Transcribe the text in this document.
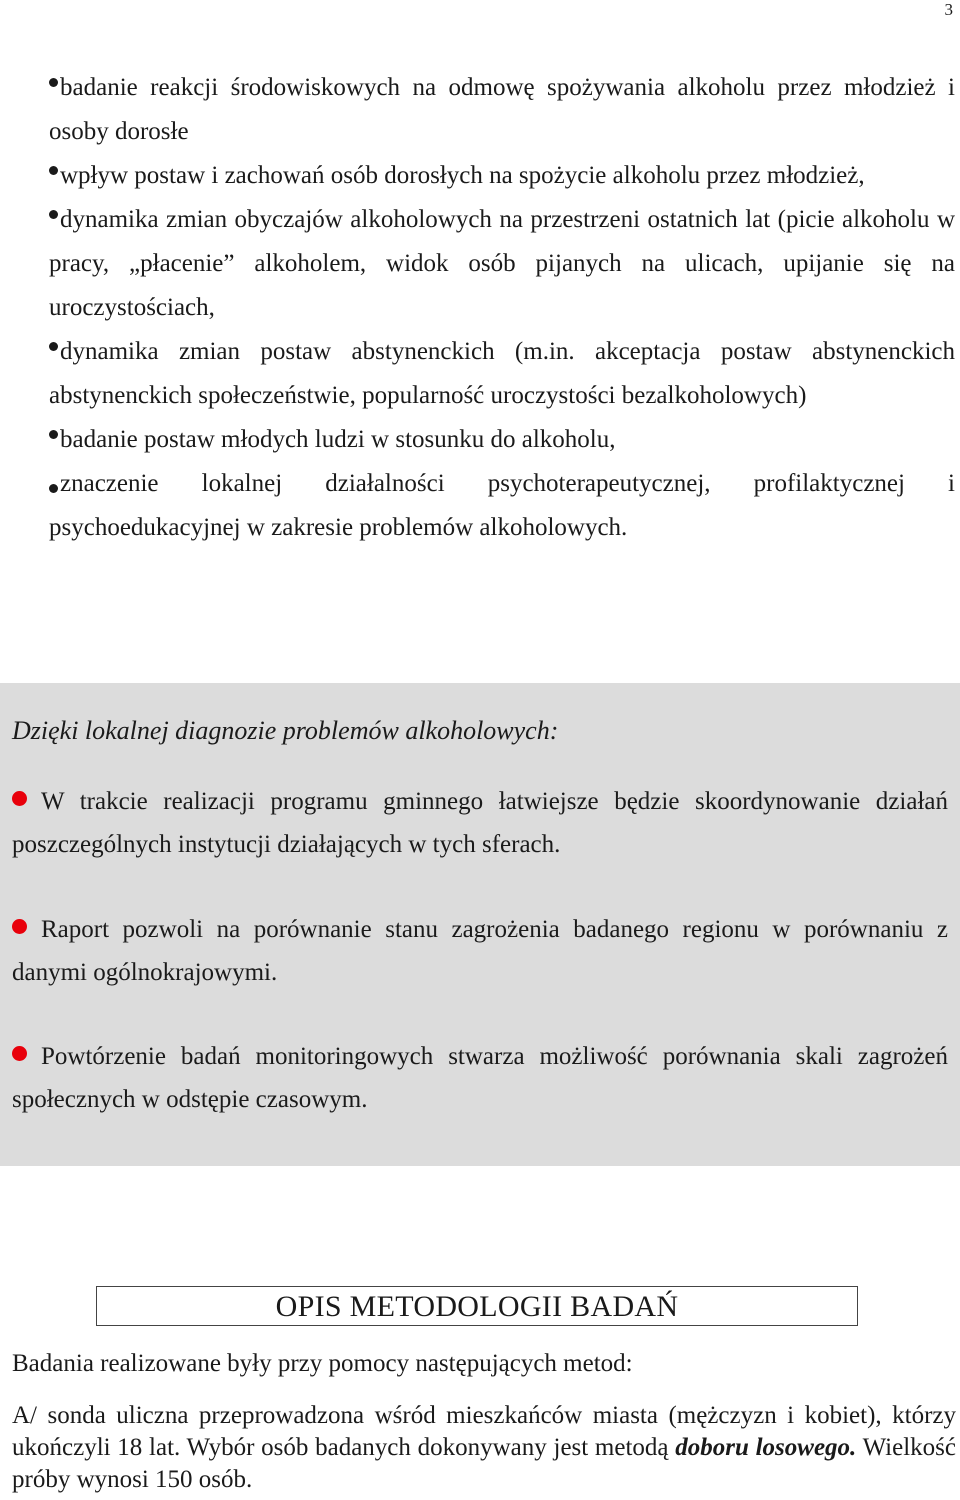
3

badanie reakcji środowiskowych na odmowę spożywania alkoholu przez młodzież i osoby dorosłe

wpływ postaw i zachowań osób dorosłych na spożycie alkoholu przez młodzież,

dynamika zmian obyczajów alkoholowych na przestrzeni ostatnich lat (picie alkoholu w pracy, „płacenie” alkoholem, widok osób pijanych na ulicach, upijanie się na uroczystościach,

dynamika zmian postaw abstynenckich (m.in. akceptacja postaw abstynenckich abstynenckich społeczeństwie, popularność uroczystości bezalkoholowych)

badanie postaw młodych ludzi w stosunku do alkoholu,

znaczenie lokalnej działalności psychoterapeutycznej, profilaktycznej i psychoedukacyjnej w zakresie problemów alkoholowych.

Dzięki lokalnej diagnozie problemów alkoholowych:

W trakcie realizacji programu gminnego łatwiejsze będzie skoordynowanie działań poszczególnych instytucji działających w tych sferach.

Raport pozwoli na porównanie stanu zagrożenia badanego regionu w porównaniu z danymi ogólnokrajowymi.

Powtórzenie badań monitoringowych stwarza możliwość porównania skali zagrożeń społecznych w odstępie czasowym.

OPIS METODOLOGII BADAŃ
Badania realizowane były przy pomocy następujących metod:

A/ sonda uliczna przeprowadzona wśród mieszkańców miasta (mężczyzn i kobiet), którzy ukończyli 18 lat. Wybór osób badanych dokonywany jest metodą doboru losowego. Wielkość próby wynosi 150 osób.
